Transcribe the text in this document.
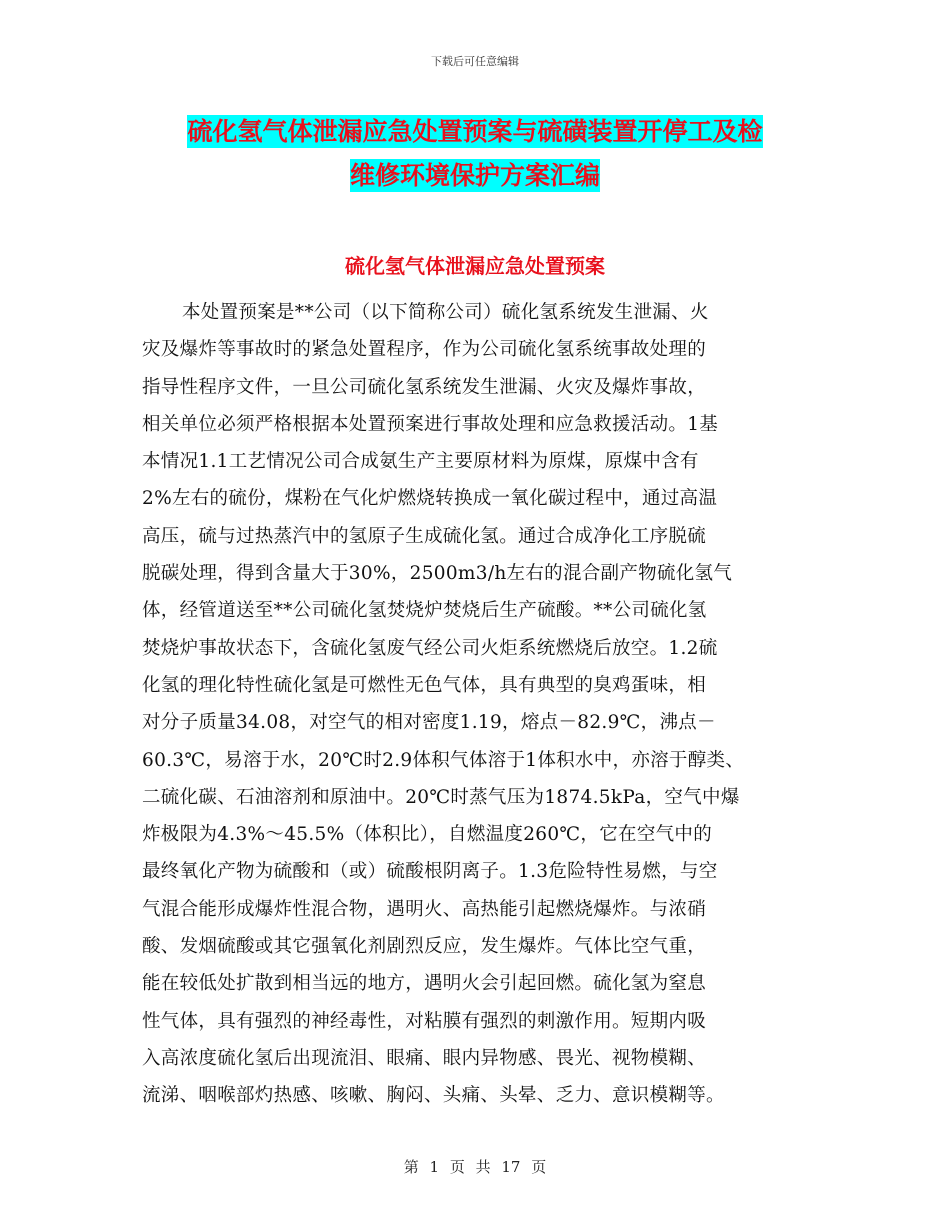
下载后可任意编辑
硫化氢气体泄漏应急处置预案与硫磺装置开停工及检
维修环境保护方案汇编
硫化氢气体泄漏应急处置预案
本处置预案是**公司（以下简称公司）硫化氢系统发生泄漏、火
灾及爆炸等事故时的紧急处置程序，作为公司硫化氢系统事故处理的
指导性程序文件，一旦公司硫化氢系统发生泄漏、火灾及爆炸事故，
相关单位必须严格根据本处置预案进行事故处理和应急救援活动。1基
本情况1.1工艺情况公司合成氨生产主要原材料为原煤，原煤中含有
2%左右的硫份，煤粉在气化炉燃烧转换成一氧化碳过程中，通过高温
高压，硫与过热蒸汽中的氢原子生成硫化氢。通过合成净化工序脱硫
脱碳处理，得到含量大于30%，2500m3/h左右的混合副产物硫化氢气
体，经管道送至**公司硫化氢焚烧炉焚烧后生产硫酸。**公司硫化氢
焚烧炉事故状态下，含硫化氢废气经公司火炬系统燃烧后放空。1.2硫
化氢的理化特性硫化氢是可燃性无色气体，具有典型的臭鸡蛋味，相
对分子质量34.08，对空气的相对密度1.19，熔点－82.9℃，沸点－
60.3℃，易溶于水，20℃时2.9体积气体溶于1体积水中，亦溶于醇类、
二硫化碳、石油溶剂和原油中。20℃时蒸气压为1874.5kPa，空气中爆
炸极限为4.3%～45.5%（体积比），自燃温度260℃，它在空气中的
最终氧化产物为硫酸和（或）硫酸根阴离子。1.3危险特性易燃，与空
气混合能形成爆炸性混合物，遇明火、高热能引起燃烧爆炸。与浓硝
酸、发烟硫酸或其它强氧化剂剧烈反应，发生爆炸。气体比空气重，
能在较低处扩散到相当远的地方，遇明火会引起回燃。硫化氢为窒息
性气体，具有强烈的神经毒性，对粘膜有强烈的刺激作用。短期内吸
入高浓度硫化氢后出现流泪、眼痛、眼内异物感、畏光、视物模糊、
流涕、咽喉部灼热感、咳嗽、胸闷、头痛、头晕、乏力、意识模糊等。
第 1 页 共 17 页
